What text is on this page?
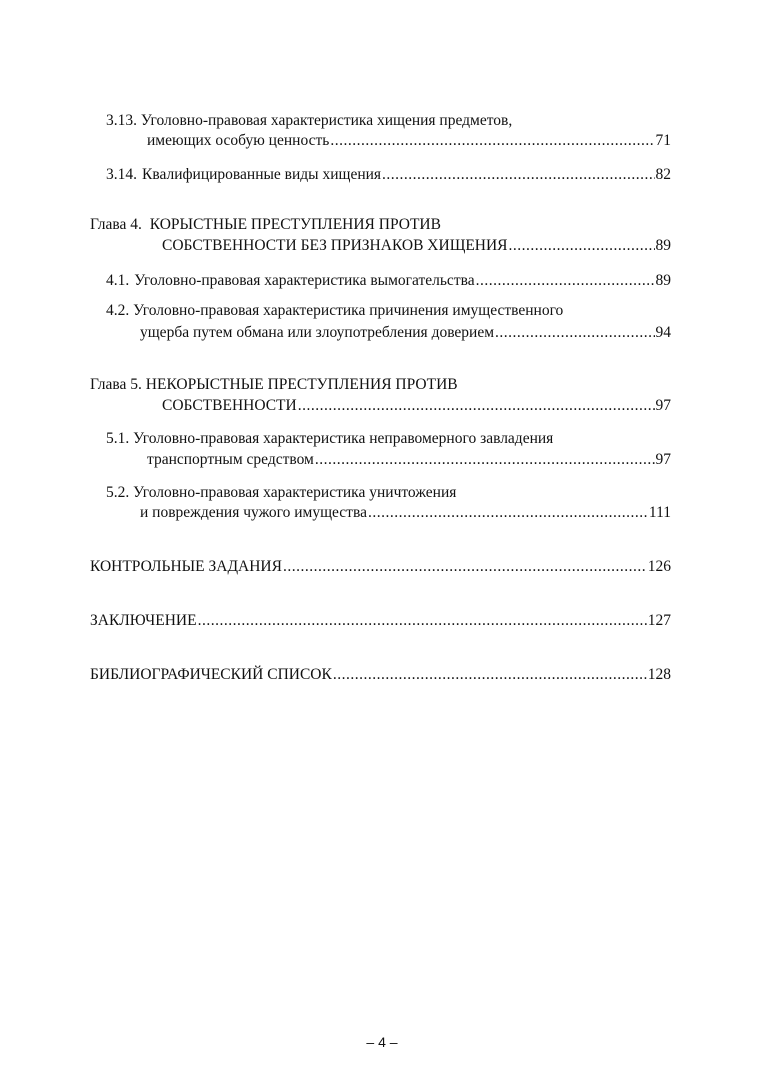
3.13. Уголовно-правовая характеристика хищения предметов,
имеющих особую ценность .....	71
3.14. Квалифицированные виды хищения .....	82
Глава 4. КОРЫСТНЫЕ ПРЕСТУПЛЕНИЯ ПРОТИВ
СОБСТВЕННОСТИ БЕЗ ПРИЗНАКОВ ХИЩЕНИЯ .....	89
4.1. Уголовно-правовая характеристика вымогательства .....	89
4.2. Уголовно-правовая характеристика причинения имущественного
ущерба путем обмана или злоупотребления доверием .....	94
Глава 5. НЕКОРЫСТНЫЕ ПРЕСТУПЛЕНИЯ ПРОТИВ
СОБСТВЕННОСТИ .....	97
5.1. Уголовно-правовая характеристика неправомерного завладения
транспортным средством .....	97
5.2. Уголовно-правовая характеристика уничтожения
и повреждения чужого имущества .....	111
КОНТРОЛЬНЫЕ ЗАДАНИЯ .....	126
ЗАКЛЮЧЕНИЕ .....	127
БИБЛИОГРАФИЧЕСКИЙ СПИСОК .....	128
– 4 –
